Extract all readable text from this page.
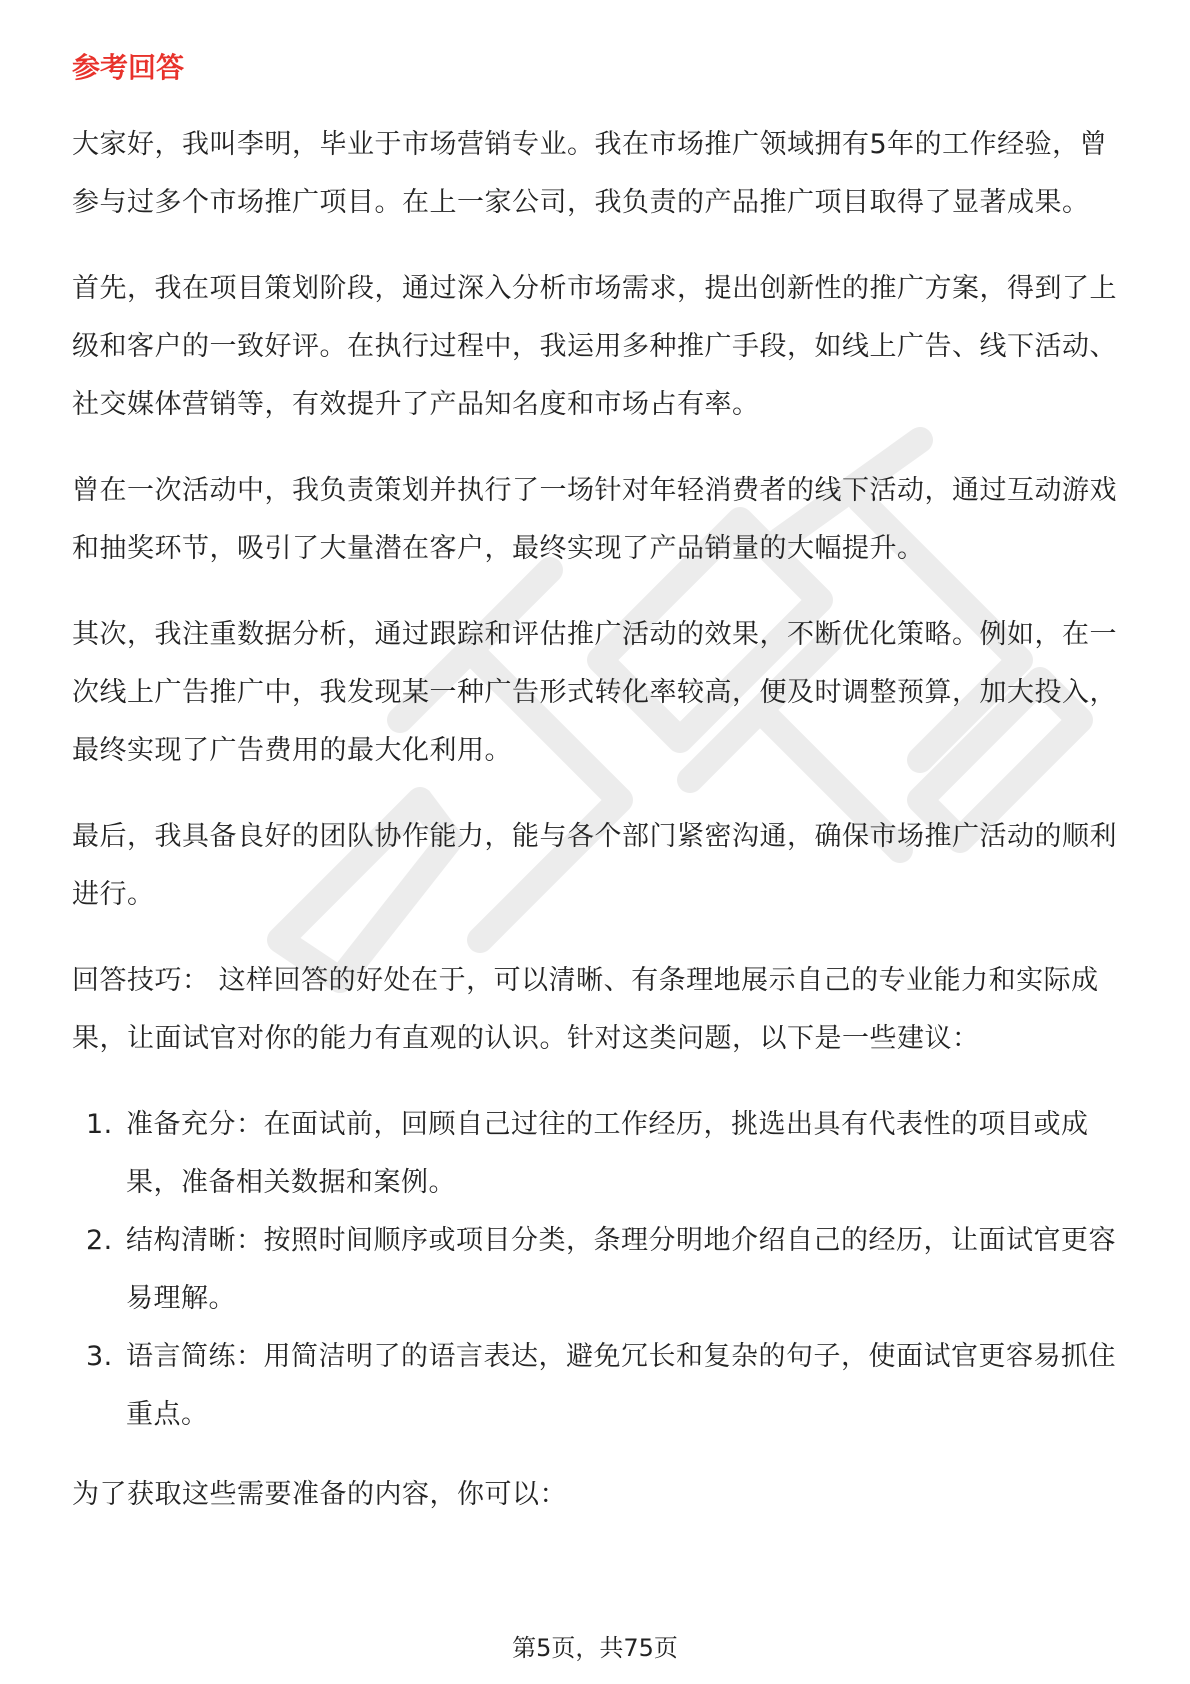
参考回答

大家好，我叫李明，毕业于市场营销专业。我在市场推广领域拥有5年的工作经验，曾参与过多个市场推广项目。在上一家公司，我负责的产品推广项目取得了显著成果。

首先，我在项目策划阶段，通过深入分析市场需求，提出创新性的推广方案，得到了上级和客户的一致好评。在执行过程中，我运用多种推广手段，如线上广告、线下活动、社交媒体营销等，有效提升了产品知名度和市场占有率。

曾在一次活动中，我负责策划并执行了一场针对年轻消费者的线下活动，通过互动游戏和抽奖环节，吸引了大量潜在客户，最终实现了产品销量的大幅提升。

其次，我注重数据分析，通过跟踪和评估推广活动的效果，不断优化策略。例如，在一次线上广告推广中，我发现某一种广告形式转化率较高，便及时调整预算，加大投入，最终实现了广告费用的最大化利用。

最后，我具备良好的团队协作能力，能与各个部门紧密沟通，确保市场推广活动的顺利进行。

回答技巧： 这样回答的好处在于，可以清晰、有条理地展示自己的专业能力和实际成果，让面试官对你的能力有直观的认识。针对这类问题，以下是一些建议：

1. 准备充分：在面试前，回顾自己过往的工作经历，挑选出具有代表性的项目或成果，准备相关数据和案例。
2. 结构清晰：按照时间顺序或项目分类，条理分明地介绍自己的经历，让面试官更容易理解。
3. 语言简练：用简洁明了的语言表达，避免冗长和复杂的句子，使面试官更容易抓住重点。

为了获取这些需要准备的内容，你可以：

第5页，共75页
